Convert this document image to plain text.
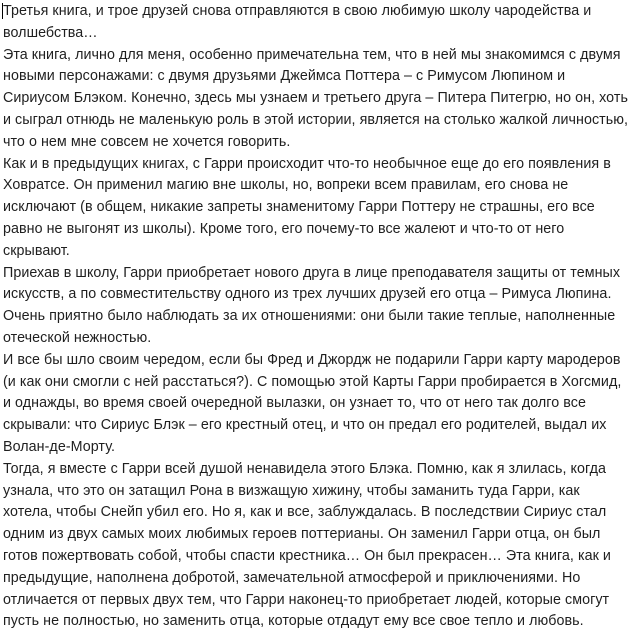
Третья книга, и трое друзей снова отправляются в свою любимую школу чародейства и волшебства…

Эта книга, лично для меня, особенно примечательна тем, что в ней мы знакомимся с двумя новыми персонажами: с двумя друзьями Джеймса Поттера – с Римусом Люпином и Сириусом Блэком. Конечно, здесь мы узнаем и третьего друга – Питера Питегрю, но он, хоть и сыграл отнюдь не маленькую роль в этой истории, является на столько жалкой личностью, что о нем мне совсем не хочется говорить.

Как и в предыдущих книгах, с Гарри происходит что-то необычное еще до его появления в Ховратсе. Он применил магию вне школы, но, вопреки всем правилам, его снова не исключают (в общем, никакие запреты знаменитому Гарри Поттеру не страшны, его все равно не выгонят из школы). Кроме того, его почему-то все жалеют и что-то от него скрывают.

Приехав в школу, Гарри приобретает нового друга в лице преподавателя защиты от темных искусств, а по совместительству одного из трех лучших друзей его отца – Римуса Люпина. Очень приятно было наблюдать за их отношениями: они были такие теплые, наполненные отеческой нежностью.

И все бы шло своим чередом, если бы Фред и Джордж не подарили Гарри карту мародеров (и как они смогли с ней расстаться?). С помощью этой Карты Гарри пробирается в Хогсмид, и однажды, во время своей очередной вылазки, он узнает то, что от него так долго все скрывали: что Сириус Блэк – его крестный отец, и что он предал его родителей, выдал их Волан-де-Морту.

Тогда, я вместе с Гарри всей душой ненавидела этого Блэка. Помню, как я злилась, когда узнала, что это он затащил Рона в визжащую хижину, чтобы заманить туда Гарри, как хотела, чтобы Снейп убил его. Но я, как и все, заблуждалась. В последствии Сириус стал одним из двух самых моих любимых героев поттерианы. Он заменил Гарри отца, он был готов пожертвовать собой, чтобы спасти крестника… Он был прекрасен… Эта книга, как и предыдущие, наполнена добротой, замечательной атмосферой и приключениями. Но отличается от первых двух тем, что Гарри наконец-то приобретает людей, которые смогут пусть не полностью, но заменить отца, которые отдадут ему все свое тепло и любовь.
